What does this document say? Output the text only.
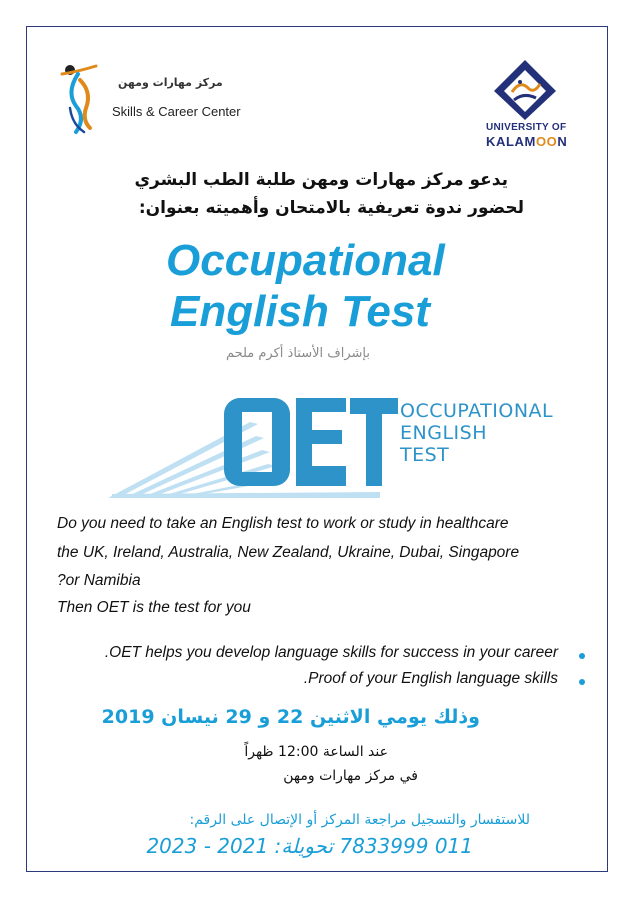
مركز مهارات ومهن
Skills & Career Center
UNIVERSITY OF
KALAMOON
يدعو مركز مهارات ومهن طلبة الطب البشري
لحضور ندوة تعريفية بالامتحان وأهميته بعنوان:
Occupational
English Test
بإشراف الأستاذ أكرم ملحم
OCCUPATIONAL
ENGLISH
TEST
Do you need to take an English test to work or study in healthcare
the UK, Ireland, Australia, New Zealand, Ukraine, Dubai, Singapore
?or Namibia
Then OET is the test for you
.OET helps you develop language skills for success in your career
.Proof of your English language skills
وذلك يومي الاثنين 22 و 29 نيسان 2019
عند الساعة 12:00 ظهراً
في مركز مهارات ومهن
للاستفسار والتسجيل مراجعة المركز أو الإتصال على الرقم:
011 7833999 تحويلة: 2021 - 2023
